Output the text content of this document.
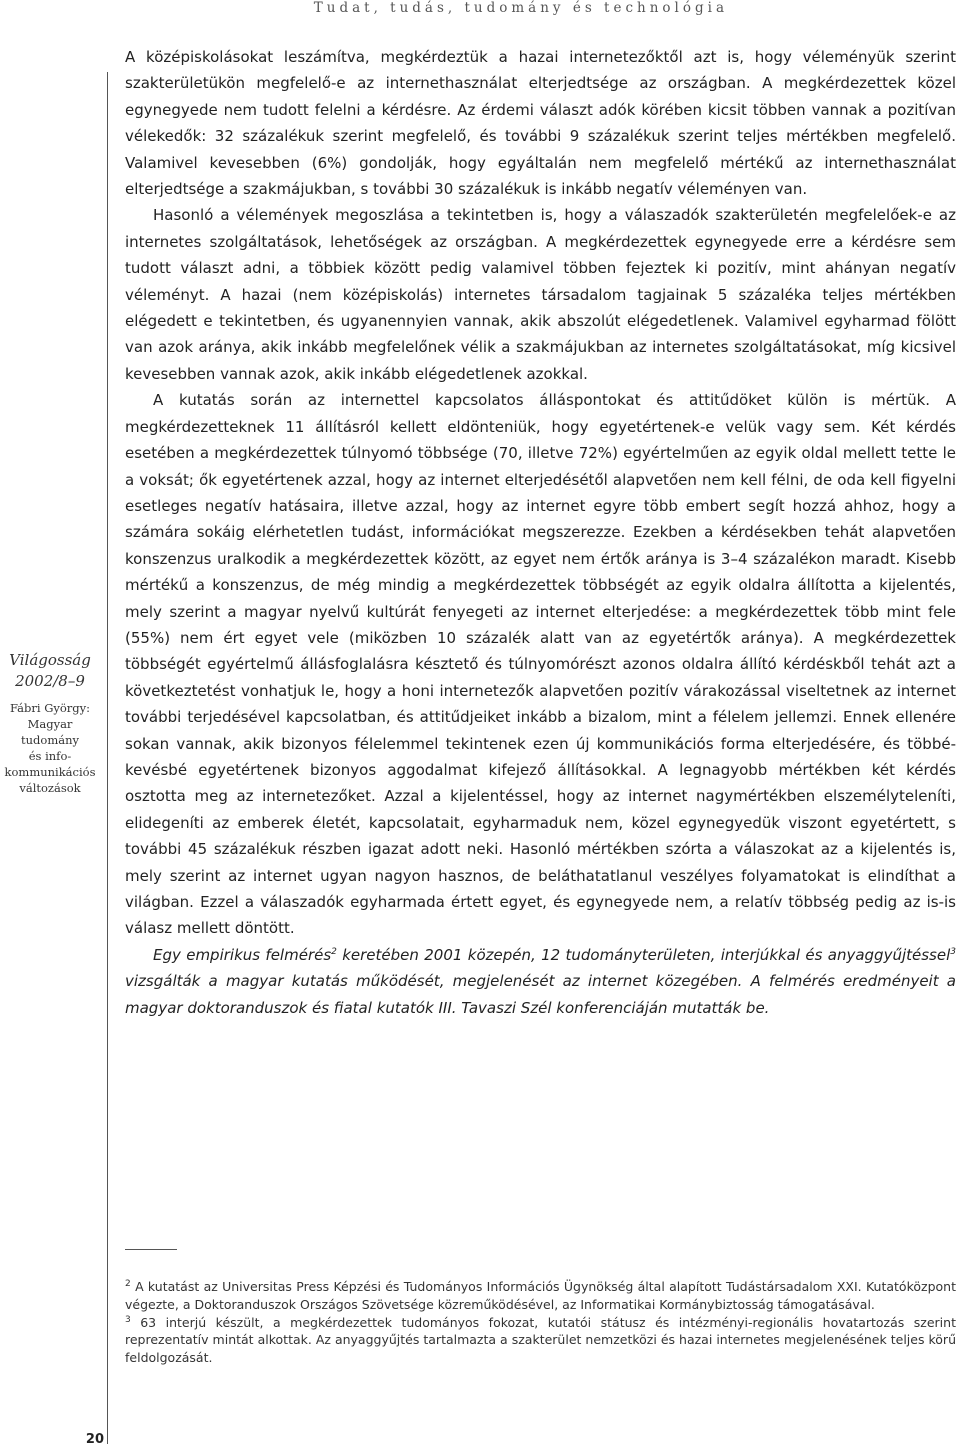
Tudat, tudás, tudomány és technológia
Világosság
2002/8–9
Fábri György:
Magyar
tudomány
és info-
kommunikációs
változások

A középiskolásokat leszámítva, megkérdeztük a hazai internetezőktől azt is, hogy véleményük szerint szakterületükön megfelelő-e az internethasználat elterjedtsége az országban. A megkérdezettek közel egynegyede nem tudott felelni a kérdésre. Az érdemi választ adók körében kicsit többen vannak a pozitívan vélekedők: 32 százalékuk szerint megfelelő, és további 9 százalékuk szerint teljes mértékben megfelelő. Valamivel kevesebben (6%) gondolják, hogy egyáltalán nem megfelelő mértékű az internethasználat elterjedtsége a szakmájukban, s további 30 százalékuk is inkább negatív véleményen van.

Hasonló a vélemények megoszlása a tekintetben is, hogy a válaszadók szakterületén megfelelőek-e az internetes szolgáltatások, lehetőségek az országban. A megkérdezettek egynegyede erre a kérdésre sem tudott választ adni, a többiek között pedig valamivel többen fejeztek ki pozitív, mint ahányan negatív véleményt. A hazai (nem középiskolás) internetes társadalom tagjainak 5 százaléka teljes mértékben elégedett e tekintetben, és ugyanennyien vannak, akik abszolút elégedetlenek. Valamivel egyharmad fölött van azok aránya, akik inkább megfelelőnek vélik a szakmájukban az internetes szolgáltatásokat, míg kicsivel kevesebben vannak azok, akik inkább elégedetlenek azokkal.

A kutatás során az internettel kapcsolatos álláspontokat és attitűdöket külön is mértük. A megkérdezetteknek 11 állításról kellett eldönteniük, hogy egyetértenek-e velük vagy sem. Két kérdés esetében a megkérdezettek túlnyomó többsége (70, illetve 72%) egyértelműen az egyik oldal mellett tette le a voksát; ők egyetértenek azzal, hogy az internet elterjedésétől alapvetően nem kell félni, de oda kell figyelni esetleges negatív hatásaira, illetve azzal, hogy az internet egyre több embert segít hozzá ahhoz, hogy a számára sokáig elérhetetlen tudást, információkat megszerezze. Ezekben a kérdésekben tehát alapvetően konszenzus uralkodik a megkérdezettek között, az egyet nem értők aránya is 3–4 százalékon maradt. Kisebb mértékű a konszenzus, de még mindig a megkérdezettek többségét az egyik oldalra állította a kijelentés, mely szerint a magyar nyelvű kultúrát fenyegeti az internet elterjedése: a megkérdezettek több mint fele (55%) nem ért egyet vele (miközben 10 százalék alatt van az egyetértők aránya). A megkérdezettek többségét egyértelmű állásfoglalásra késztető és túlnyomórészt azonos oldalra állító kérdéskből tehát azt a következtetést vonhatjuk le, hogy a honi internetezők alapvetően pozitív várakozással viseltetnek az internet további terjedésével kapcsolatban, és attitűdjeiket inkább a bizalom, mint a félelem jellemzi. Ennek ellenére sokan vannak, akik bizonyos félelemmel tekintenek ezen új kommunikációs forma elterjedésére, és többé-kevésbé egyetértenek bizonyos aggodalmat kifejező állításokkal. A legnagyobb mértékben két kérdés osztotta meg az internetezőket. Azzal a kijelentéssel, hogy az internet nagymértékben elszemélyteleníti, elidegeníti az emberek életét, kapcsolatait, egyharmaduk nem, közel egynegyedük viszont egyetértett, s további 45 százalékuk részben igazat adott neki. Hasonló mértékben szórta a válaszokat az a kijelentés is, mely szerint az internet ugyan nagyon hasznos, de beláthatatlanul veszélyes folyamatokat is elindíthat a világban. Ezzel a válaszadók egyharmada értett egyet, és egynegyede nem, a relatív többség pedig az is-is válasz mellett döntött.

Egy empirikus felmérés$^2$ keretében 2001 közepén, 12 tudományterületen, interjúkkal és anyaggyűjtéssel$^3$ vizsgálták a magyar kutatás működését, megjelenését az internet közegében. A felmérés eredményeit a magyar doktoranduszok és fiatal kutatók III. Tavaszi Szél konferenciáján mutatták be.

$^2$ A kutatást az Universitas Press Képzési és Tudományos Információs Ügynökség által alapított Tudástársadalom XXI. Kutatóközpont végezte, a Doktoranduszok Országos Szövetsége közreműködésével, az Informatikai Kormánybiztosság támogatásával.

$^3$ 63 interjú készült, a megkérdezettek tudományos fokozat, kutatói státusz és intézményi-regionális hovatartozás szerint reprezentatív mintát alkottak. Az anyaggyűjtés tartalmazta a szakterület nemzetközi és hazai internetes megjelenésének teljes körű feldolgozását.

20
